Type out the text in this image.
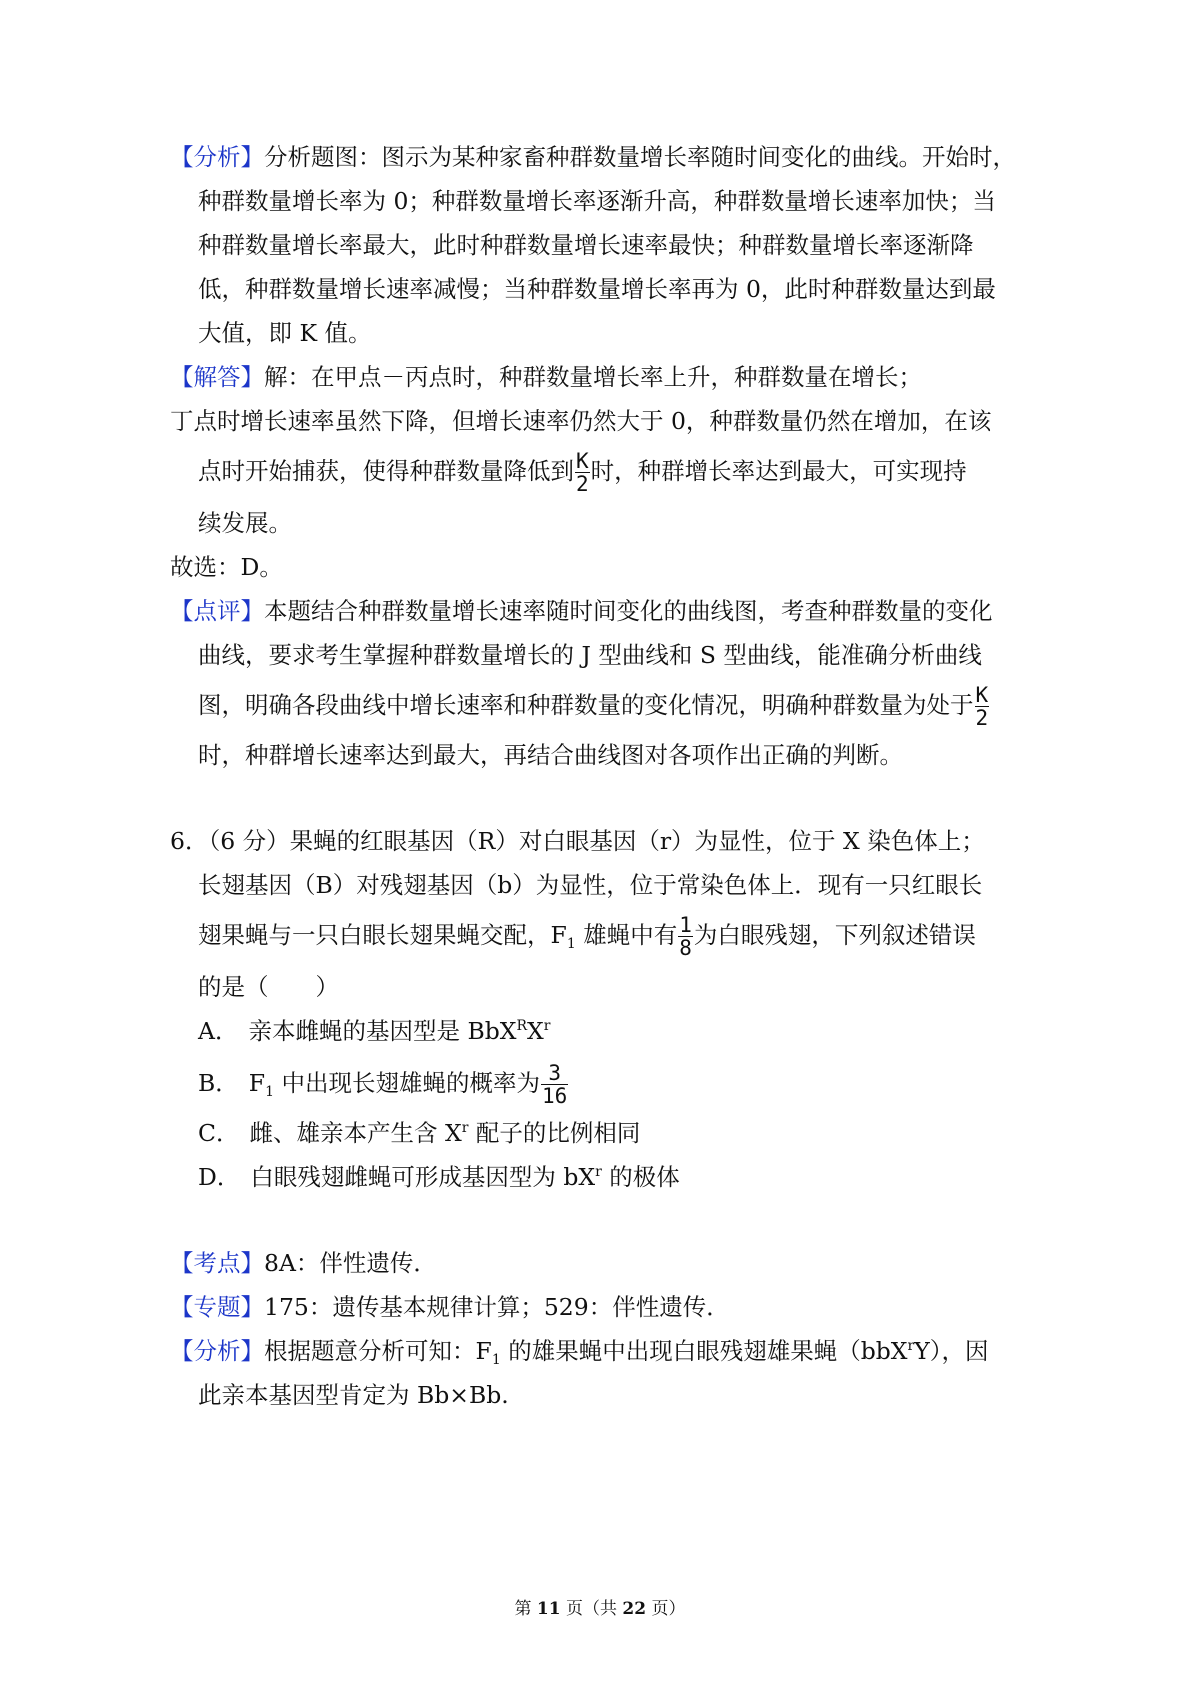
【分析】分析题图：图示为某种家畜种群数量增长率随时间变化的曲线。开始时，
种群数量增长率为 0；种群数量增长率逐渐升高，种群数量增长速率加快；当
种群数量增长率最大，此时种群数量增长速率最快；种群数量增长率逐渐降
低，种群数量增长速率减慢；当种群数量增长率再为 0，此时种群数量达到最
大值，即 K 值。
【解答】解：在甲点－丙点时，种群数量增长率上升，种群数量在增长；
丁点时增长速率虽然下降，但增长速率仍然大于 0，种群数量仍然在增加，在该
点时开始捕获，使得种群数量降低到 $\frac{K}{2}$ 时，种群增长率达到最大，可实现持
续发展。
故选：D。
【点评】本题结合种群数量增长速率随时间变化的曲线图，考查种群数量的变化
曲线，要求考生掌握种群数量增长的 J 型曲线和 S 型曲线，能准确分析曲线
图，明确各段曲线中增长速率和种群数量的变化情况，明确种群数量为处于 $\frac{K}{2}$
时，种群增长速率达到最大，再结合曲线图对各项作出正确的判断。
6．（6 分）果蝇的红眼基因（R）对白眼基因（r）为显性，位于 X 染色体上；
长翅基因（B）对残翅基因（b）为显性，位于常染色体上．现有一只红眼长
翅果蝇与一只白眼长翅果蝇交配，$F_1$ 雄蝇中有 $\frac{1}{8}$ 为白眼残翅，下列叙述错误
的是（　　）
A． 亲本雌蝇的基因型是 $BbX^RX^r$
B． $F_1$ 中出现长翅雄蝇的概率为 $\frac{3}{16}$
C． 雌、雄亲本产生含 $X^r$ 配子的比例相同
D． 白眼残翅雌蝇可形成基因型为 $bX^r$ 的极体
【考点】8A：伴性遗传．
【专题】175：遗传基本规律计算；529：伴性遗传．
【分析】根据题意分析可知：$F_1$ 的雄果蝇中出现白眼残翅雄果蝇（bbX$^r$Y），因
此亲本基因型肯定为 Bb×Bb.
第 11 页（共 22 页）
